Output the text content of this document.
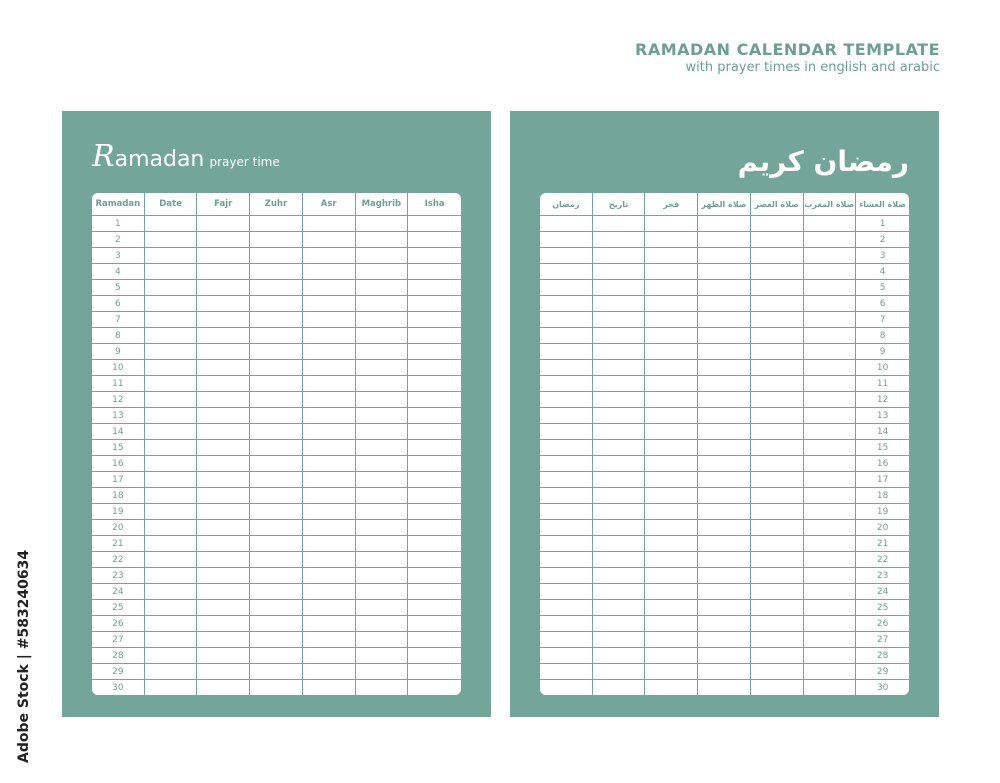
RAMADAN CALENDAR TEMPLATE
with prayer times in english and arabic
Ramadan prayer time
Ramadan	Date	Fajr	Zuhr	Asr	Maghrib	Isha
1						
2						
3						
4						
5						
6						
7						
8						
9						
10						
11						
12						
13						
14						
15						
16						
17						
18						
19						
20						
21						
22						
23						
24						
25						
26						
27						
28						
29						
30						
رمضان كريم
رمضان	تاريخ	فجر	صلاة الظهر	صلاة العصر	صلاة المغرب	صلاة العشاء
						1
						2
						3
						4
						5
						6
						7
						8
						9
						10
						11
						12
						13
						14
						15
						16
						17
						18
						19
						20
						21
						22
						23
						24
						25
						26
						27
						28
						29
						30
Adobe Stock | #583240634
